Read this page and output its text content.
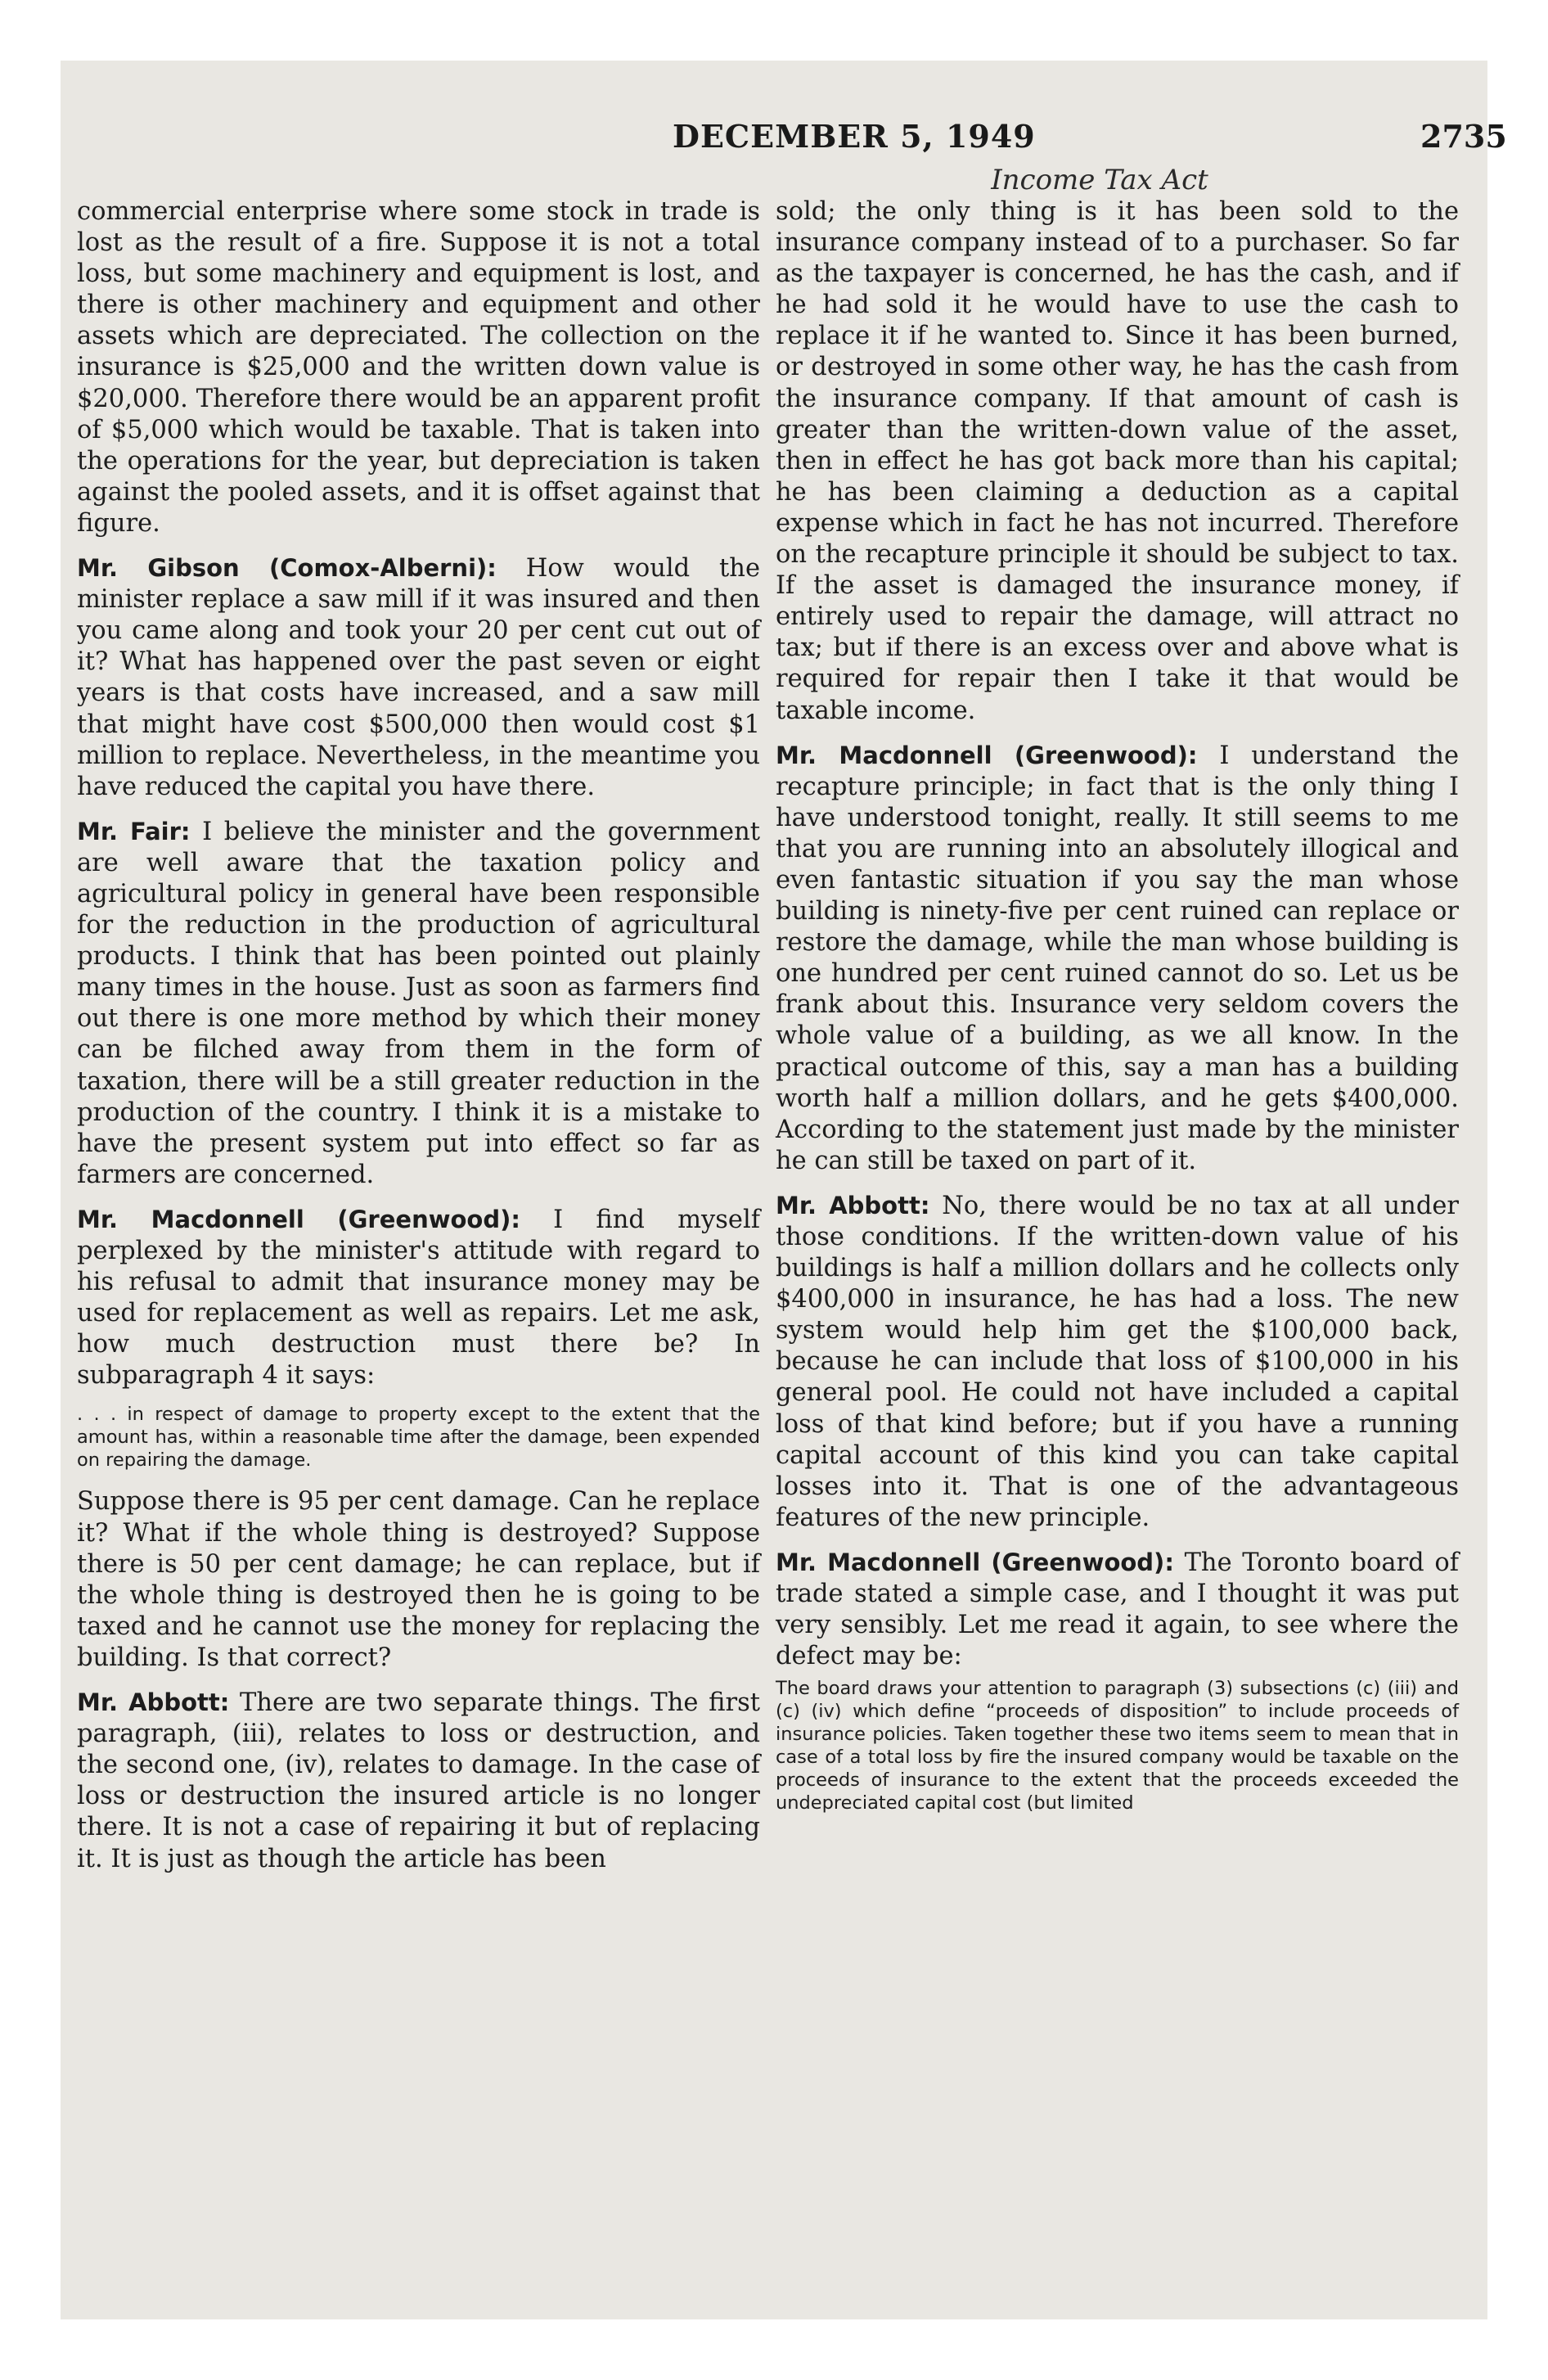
DECEMBER 5, 1949	2735
Income Tax Act

commercial enterprise where some stock in trade is lost as the result of a fire. Suppose it is not a total loss, but some machinery and equipment is lost, and there is other machinery and equipment and other assets which are depreciated. The collection on the insurance is $25,000 and the written down value is $20,000. Therefore there would be an apparent profit of $5,000 which would be taxable. That is taken into the operations for the year, but depreciation is taken against the pooled assets, and it is offset against that figure.

Mr. Gibson (Comox-Alberni): How would the minister replace a saw mill if it was insured and then you came along and took your 20 per cent cut out of it? What has happened over the past seven or eight years is that costs have increased, and a saw mill that might have cost $500,000 then would cost $1 million to replace. Nevertheless, in the meantime you have reduced the capital you have there.

Mr. Fair: I believe the minister and the government are well aware that the taxation policy and agricultural policy in general have been responsible for the reduction in the production of agricultural products. I think that has been pointed out plainly many times in the house. Just as soon as farmers find out there is one more method by which their money can be filched away from them in the form of taxation, there will be a still greater reduction in the production of the country. I think it is a mistake to have the present system put into effect so far as farmers are concerned.

Mr. Macdonnell (Greenwood): I find myself perplexed by the minister's attitude with regard to his refusal to admit that insurance money may be used for replacement as well as repairs. Let me ask, how much destruction must there be? In subparagraph 4 it says:

. . . in respect of damage to property except to the extent that the amount has, within a reasonable time after the damage, been expended on repairing the damage.

Suppose there is 95 per cent damage. Can he replace it? What if the whole thing is destroyed? Suppose there is 50 per cent damage; he can replace, but if the whole thing is destroyed then he is going to be taxed and he cannot use the money for replacing the building. Is that correct?

Mr. Abbott: There are two separate things. The first paragraph, (iii), relates to loss or destruction, and the second one, (iv), relates to damage. In the case of loss or destruction the insured article is no longer there. It is not a case of repairing it but of replacing it. It is just as though the article has been

sold; the only thing is it has been sold to the insurance company instead of to a purchaser. So far as the taxpayer is concerned, he has the cash, and if he had sold it he would have to use the cash to replace it if he wanted to. Since it has been burned, or destroyed in some other way, he has the cash from the insurance company. If that amount of cash is greater than the written-down value of the asset, then in effect he has got back more than his capital; he has been claiming a deduction as a capital expense which in fact he has not incurred. Therefore on the recapture principle it should be subject to tax. If the asset is damaged the insurance money, if entirely used to repair the damage, will attract no tax; but if there is an excess over and above what is required for repair then I take it that would be taxable income.

Mr. Macdonnell (Greenwood): I understand the recapture principle; in fact that is the only thing I have understood tonight, really. It still seems to me that you are running into an absolutely illogical and even fantastic situation if you say the man whose building is ninety-five per cent ruined can replace or restore the damage, while the man whose building is one hundred per cent ruined cannot do so. Let us be frank about this. Insurance very seldom covers the whole value of a building, as we all know. In the practical outcome of this, say a man has a building worth half a million dollars, and he gets $400,000. According to the statement just made by the minister he can still be taxed on part of it.

Mr. Abbott: No, there would be no tax at all under those conditions. If the written-down value of his buildings is half a million dollars and he collects only $400,000 in insurance, he has had a loss. The new system would help him get the $100,000 back, because he can include that loss of $100,000 in his general pool. He could not have included a capital loss of that kind before; but if you have a running capital account of this kind you can take capital losses into it. That is one of the advantageous features of the new principle.

Mr. Macdonnell (Greenwood): The Toronto board of trade stated a simple case, and I thought it was put very sensibly. Let me read it again, to see where the defect may be:

The board draws your attention to paragraph (3) subsections (c) (iii) and (c) (iv) which define “proceeds of disposition” to include proceeds of insurance policies. Taken together these two items seem to mean that in case of a total loss by fire the insured company would be taxable on the proceeds of insurance to the extent that the proceeds exceeded the undepreciated capital cost (but limited
